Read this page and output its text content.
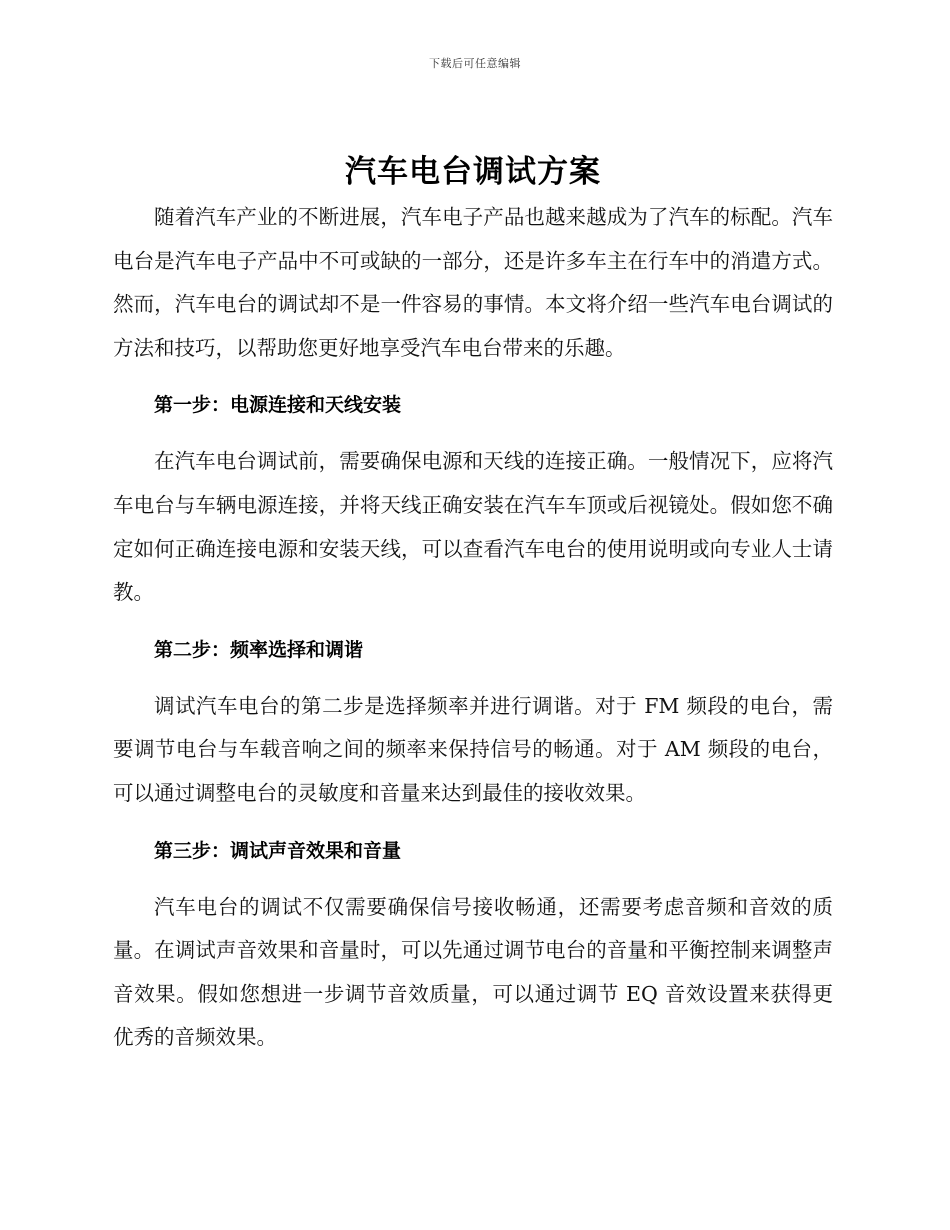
下载后可任意编辑
汽车电台调试方案

随着汽车产业的不断进展，汽车电子产品也越来越成为了汽车的标配。汽车电台是汽车电子产品中不可或缺的一部分，还是许多车主在行车中的消遣方式。然而，汽车电台的调试却不是一件容易的事情。本文将介绍一些汽车电台调试的方法和技巧，以帮助您更好地享受汽车电台带来的乐趣。

第一步：电源连接和天线安装

在汽车电台调试前，需要确保电源和天线的连接正确。一般情况下，应将汽车电台与车辆电源连接，并将天线正确安装在汽车车顶或后视镜处。假如您不确定如何正确连接电源和安装天线，可以查看汽车电台的使用说明或向专业人士请教。

第二步：频率选择和调谐

调试汽车电台的第二步是选择频率并进行调谐。对于 FM 频段的电台，需要调节电台与车载音响之间的频率来保持信号的畅通。对于 AM 频段的电台，可以通过调整电台的灵敏度和音量来达到最佳的接收效果。

第三步：调试声音效果和音量

汽车电台的调试不仅需要确保信号接收畅通，还需要考虑音频和音效的质量。在调试声音效果和音量时，可以先通过调节电台的音量和平衡控制来调整声音效果。假如您想进一步调节音效质量，可以通过调节 EQ 音效设置来获得更优秀的音频效果。
